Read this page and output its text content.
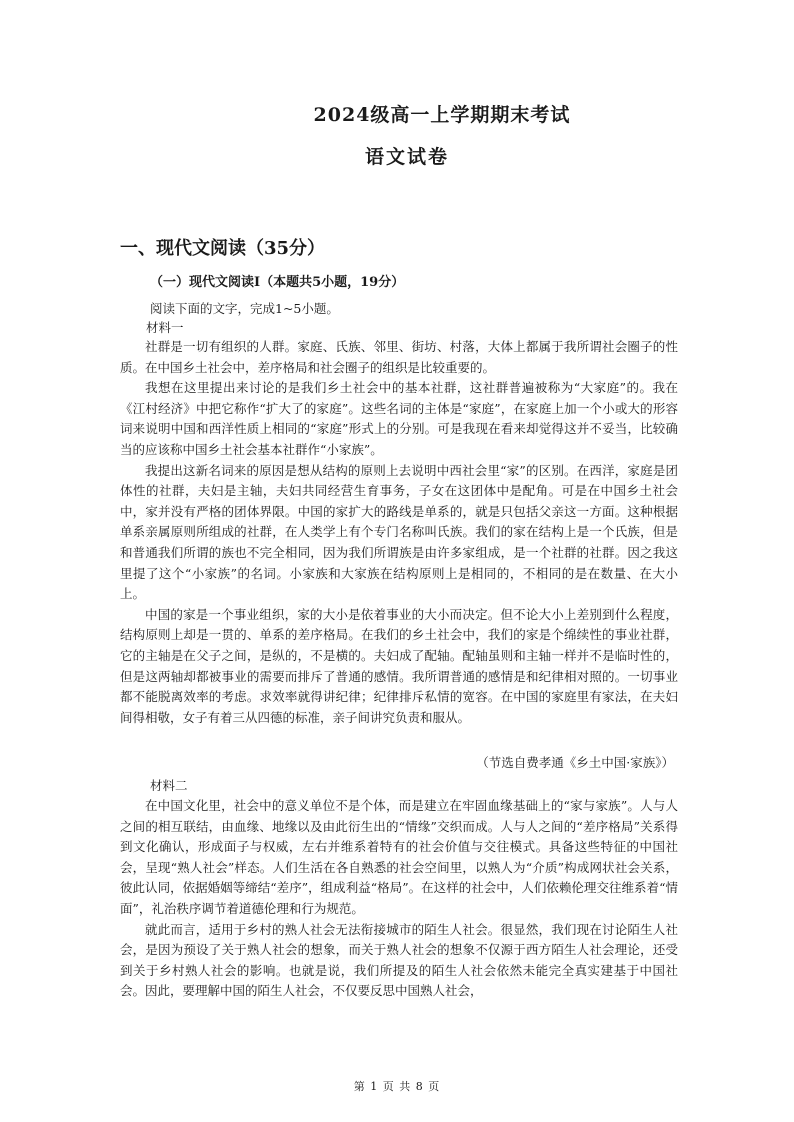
2024级高一上学期期末考试
语文试卷
一、现代文阅读（35分）
（一）现代文阅读Ⅰ（本题共5小题，19分）
阅读下面的文字，完成1~5小题。
材料一

社群是一切有组织的人群。家庭、氏族、邻里、街坊、村落，大体上都属于我所谓社会圈子的性质。在中国乡土社会中，差序格局和社会圈子的组织是比较重要的。

我想在这里提出来讨论的是我们乡土社会中的基本社群，这社群普遍被称为“大家庭”的。我在《江村经济》中把它称作“扩大了的家庭”。这些名词的主体是“家庭”，在家庭上加一个小或大的形容词来说明中国和西洋性质上相同的“家庭”形式上的分别。可是我现在看来却觉得这并不妥当，比较确当的应该称中国乡土社会基本社群作“小家族”。

我提出这新名词来的原因是想从结构的原则上去说明中西社会里“家”的区别。在西洋，家庭是团体性的社群，夫妇是主轴，夫妇共同经营生育事务，子女在这团体中是配角。可是在中国乡土社会中，家并没有严格的团体界限。中国的家扩大的路线是单系的，就是只包括父亲这一方面。这种根据单系亲属原则所组成的社群，在人类学上有个专门名称叫氏族。我们的家在结构上是一个氏族，但是和普通我们所谓的族也不完全相同，因为我们所谓族是由许多家组成，是一个社群的社群。因之我这里提了这个“小家族”的名词。小家族和大家族在结构原则上是相同的，不相同的是在数量、在大小上。

中国的家是一个事业组织，家的大小是依着事业的大小而决定。但不论大小上差别到什么程度，结构原则上却是一贯的、单系的差序格局。在我们的乡土社会中，我们的家是个绵续性的事业社群，它的主轴是在父子之间，是纵的，不是横的。夫妇成了配轴。配轴虽则和主轴一样并不是临时性的，但是这两轴却都被事业的需要而排斥了普通的感情。我所谓普通的感情是和纪律相对照的。一切事业都不能脱离效率的考虑。求效率就得讲纪律；纪律排斥私情的宽容。在中国的家庭里有家法，在夫妇间得相敬，女子有着三从四德的标准，亲子间讲究负责和服从。

（节选自费孝通《乡土中国·家族》）
材料二

在中国文化里，社会中的意义单位不是个体，而是建立在牢固血缘基础上的“家与家族”。人与人之间的相互联结，由血缘、地缘以及由此衍生出的“情缘”交织而成。人与人之间的“差序格局”关系得到文化确认，形成面子与权威，左右并维系着特有的社会价值与交往模式。具备这些特征的中国社会，呈现“熟人社会”样态。人们生活在各自熟悉的社会空间里，以熟人为“介质”构成网状社会关系，彼此认同，依据婚姻等缔结“差序”，组成利益“格局”。在这样的社会中，人们依赖伦理交往维系着“情面”，礼治秩序调节着道德伦理和行为规范。

就此而言，适用于乡村的熟人社会无法衔接城市的陌生人社会。很显然，我们现在讨论陌生人社会，是因为预设了关于熟人社会的想象，而关于熟人社会的想象不仅源于西方陌生人社会理论，还受到关于乡村熟人社会的影响。也就是说，我们所提及的陌生人社会依然未能完全真实建基于中国社会。因此，要理解中国的陌生人社会，不仅要反思中国熟人社会，

第 1 页 共 8 页
